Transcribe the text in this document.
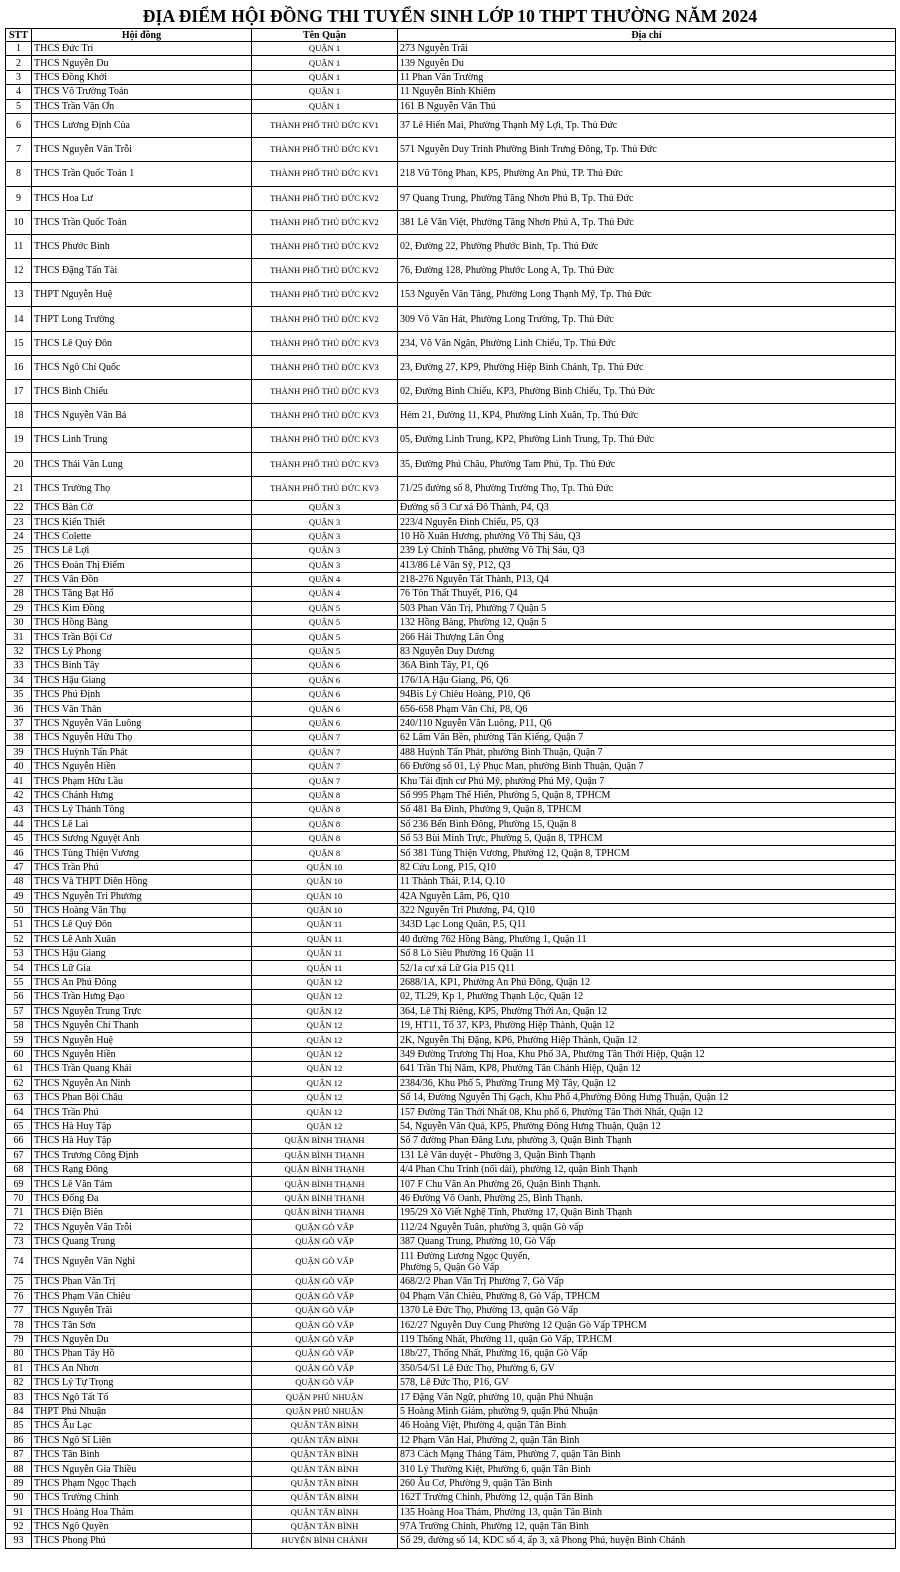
ĐỊA ĐIỂM HỘI ĐỒNG THI TUYỂN SINH LỚP 10 THPT THƯỜNG NĂM 2024
STT	Hội đồng	Tên Quận	Địa chỉ
1	THCS Đức Trí	QUẬN 1	273 Nguyễn Trãi
2	THCS Nguyễn Du	QUẬN 1	139 Nguyễn Du
3	THCS Đồng Khởi	QUẬN 1	11 Phan Văn Trường
4	THCS Võ Trường Toản	QUẬN 1	11 Nguyễn Bỉnh Khiêm
5	THCS Trần Văn Ơn	QUẬN 1	161 B Nguyễn Văn Thủ
6	THCS Lương Định Của	THÀNH PHỐ THỦ ĐỨC KV1	37 Lê Hiến Mai, Phường Thạnh Mỹ Lợi, Tp. Thủ Đức
7	THCS Nguyễn Văn Trỗi	THÀNH PHỐ THỦ ĐỨC KV1	571 Nguyễn Duy Trinh Phường Bình Trưng Đông, Tp. Thủ Đức
8	THCS Trần Quốc Toản 1	THÀNH PHỐ THỦ ĐỨC KV1	218 Vũ Tông Phan, KP5, Phường An Phú, TP. Thủ Đức
9	THCS Hoa Lư	THÀNH PHỐ THỦ ĐỨC KV2	97 Quang Trung, Phường Tăng Nhơn Phú B, Tp. Thủ Đức
10	THCS Trần Quốc Toản	THÀNH PHỐ THỦ ĐỨC KV2	381 Lê Văn Việt, Phường Tăng Nhơn Phú A, Tp. Thủ Đức
11	THCS Phước Bình	THÀNH PHỐ THỦ ĐỨC KV2	02, Đường 22, Phường Phước Bình, Tp. Thủ Đức
12	THCS Đặng Tấn Tài	THÀNH PHỐ THỦ ĐỨC KV2	76, Đường 128, Phường Phước Long A, Tp. Thủ Đức
13	THPT Nguyễn Huệ	THÀNH PHỐ THỦ ĐỨC KV2	153 Nguyễn Văn Tăng, Phường Long Thạnh Mỹ, Tp. Thủ Đức
14	THPT Long Trường	THÀNH PHỐ THỦ ĐỨC KV2	309 Võ Văn Hát, Phường Long Trường, Tp. Thủ Đức
15	THCS Lê Quý Đôn	THÀNH PHỐ THỦ ĐỨC KV3	234, Võ Văn Ngân, Phường Linh Chiểu, Tp. Thủ Đức
16	THCS Ngô Chí Quốc	THÀNH PHỐ THỦ ĐỨC KV3	23, Đường 27, KP9, Phường Hiệp Bình Chánh, Tp. Thủ Đức
17	THCS Bình Chiểu	THÀNH PHỐ THỦ ĐỨC KV3	02, Đường Bình Chiểu, KP3, Phường Bình Chiểu, Tp. Thủ Đức
18	THCS Nguyễn Văn Bá	THÀNH PHỐ THỦ ĐỨC KV3	Hẻm 21, Đường 11, KP4, Phường Linh Xuân, Tp. Thủ Đức
19	THCS Linh Trung	THÀNH PHỐ THỦ ĐỨC KV3	05, Đường Linh Trung, KP2, Phường Linh Trung, Tp. Thủ Đức
20	THCS Thái Văn Lung	THÀNH PHỐ THỦ ĐỨC KV3	35, Đường Phú Châu, Phường Tam Phú, Tp. Thủ Đức
21	THCS Trường Thọ	THÀNH PHỐ THỦ ĐỨC KV3	71/25 đường số 8, Phường Trường Thọ, Tp. Thủ Đức
22	THCS Bàn Cờ	QUẬN 3	Đường số 3 Cư xá Đô Thành, P4, Q3
23	THCS Kiến Thiết	QUẬN 3	223/4 Nguyễn Đình Chiểu, P5, Q3
24	THCS Colette	QUẬN 3	10 Hồ Xuân Hương, phường Võ Thị Sáu, Q3
25	THCS Lê Lợi	QUẬN 3	239 Lý Chính Thắng, phường Võ Thị Sáu, Q3
26	THCS Đoàn Thị Điểm	QUẬN 3	413/86 Lê Văn Sỹ, P12, Q3
27	THCS Vân Đồn	QUẬN 4	218-276 Nguyễn Tất Thành, P13, Q4
28	THCS Tăng Bạt Hổ	QUẬN 4	76 Tôn Thất Thuyết, P16, Q4
29	THCS Kim Đồng	QUẬN 5	503 Phan Văn Trị, Phường 7 Quận 5
30	THCS Hồng Bàng	QUẬN 5	132 Hồng Bàng, Phường 12, Quận 5
31	THCS Trần Bội Cơ	QUẬN 5	266 Hải Thượng Lãn Ông
32	THCS Lý Phong	QUẬN 5	83 Nguyễn Duy Dương
33	THCS Bình Tây	QUẬN 6	36A Bình Tây, P1, Q6
34	THCS Hậu Giang	QUẬN 6	176/1A Hậu Giang, P6, Q6
35	THCS Phú Định	QUẬN 6	94Bis Lý Chiêu Hoàng, P10, Q6
36	THCS Văn Thân	QUẬN 6	656-658 Phạm Văn Chí, P8, Q6
37	THCS Nguyễn Văn Luông	QUẬN 6	240/110 Nguyễn Văn Luông, P11, Q6
38	THCS Nguyễn Hữu Thọ	QUẬN 7	62 Lâm Văn Bền, phường Tân Kiểng, Quận 7
39	THCS Huỳnh Tấn Phát	QUẬN 7	488 Huỳnh Tấn Phát, phường Bình Thuận, Quận 7
40	THCS Nguyễn Hiền	QUẬN 7	66 Đường số 01, Lý Phục Man, phường Bình Thuận, Quận 7
41	THCS Phạm Hữu Lầu	QUẬN 7	Khu Tái định cư Phú Mỹ, phường Phú Mỹ, Quận 7
42	THCS Chánh Hưng	QUẬN 8	Số 995 Phạm Thế Hiển, Phường 5, Quận 8, TPHCM
43	THCS Lý Thánh Tông	QUẬN 8	Số 481 Ba Đình, Phường 9, Quận 8, TPHCM
44	THCS Lê Lai	QUẬN 8	Số 236 Bến Bình Đông, Phường 15, Quận 8
45	THCS Sương Nguyệt Anh	QUẬN 8	Số 53 Bùi Minh Trực, Phường 5, Quận 8, TPHCM
46	THCS Tùng Thiện Vương	QUẬN 8	Số 381 Tùng Thiện Vương, Phường 12, Quận 8, TPHCM
47	THCS Trần Phú	QUẬN 10	82 Cửu Long, P15, Q10
48	THCS Và THPT Diên Hồng	QUẬN 10	11 Thành Thái, P.14, Q.10
49	THCS Nguyễn Tri Phương	QUẬN 10	42A Nguyễn Lâm, P6, Q10
50	THCS Hoàng Văn Thụ	QUẬN 10	322 Nguyễn Tri Phương, P4, Q10
51	THCS Lê Quý Đôn	QUẬN 11	343D Lạc Long Quân, P.5, Q11
52	THCS Lê Anh Xuân	QUẬN 11	40 đường 762 Hồng Bàng, Phường 1, Quận 11
53	THCS Hậu Giang	QUẬN 11	Số 8 Lò Siêu Phường 16 Quận 11
54	THCS Lữ Gia	QUẬN 11	52/1a cư xá Lữ Gia P15 Q11
55	THCS An Phú Đông	QUẬN 12	2688/1A, KP1, Phường An Phú Đông, Quận 12
56	THCS Trần Hưng Đạo	QUẬN 12	02, TL29, Kp 1, Phường Thạnh Lộc, Quận 12
57	THCS Nguyễn Trung Trực	QUẬN 12	364, Lê Thị Riêng, KP5, Phường Thới An, Quận 12
58	THCS Nguyễn Chí Thanh	QUẬN 12	19, HT11, Tổ 37, KP3, Phường Hiệp Thành, Quận 12
59	THCS Nguyễn Huệ	QUẬN 12	2K, Nguyễn Thị Đặng, KP6, Phường Hiệp Thành, Quận 12
60	THCS Nguyễn Hiền	QUẬN 12	349 Đường Trương Thị Hoa, Khu Phố 3A, Phường Tân Thới Hiệp, Quận 12
61	THCS Trần Quang Khải	QUẬN 12	641 Trần Thị Năm, KP8, Phường Tân Chánh Hiệp, Quận 12
62	THCS Nguyễn An Ninh	QUẬN 12	2384/36, Khu Phố 5, Phường Trung Mỹ Tây, Quận 12
63	THCS Phan Bội Châu	QUẬN 12	Số 14, Đường Nguyễn Thị Gạch, Khu Phố 4,Phường Đông Hưng Thuận, Quận 12
64	THCS Trần Phú	QUẬN 12	157 Đường Tân Thới Nhất 08, Khu phố 6, Phường Tân Thới Nhất, Quận 12
65	THCS Hà Huy Tập	QUẬN 12	54, Nguyễn Văn Quá, KP5, Phường Đông Hưng Thuận, Quận 12
66	THCS Hà Huy Tập	QUẬN BÌNH THẠNH	Số 7 đường Phan Đăng Lưu, phường 3, Quận Bình Thạnh
67	THCS Trương Công Định	QUẬN BÌNH THẠNH	131 Lê Văn duyệt - Phường 3, Quận Bình Thạnh
68	THCS Rạng Đông	QUẬN BÌNH THẠNH	4/4 Phan Chu Trinh (nối dài), phường 12, quận Bình Thạnh
69	THCS Lê Văn Tám	QUẬN BÌNH THẠNH	107 F Chu Văn An Phường 26, Quận Bình Thạnh.
70	THCS Đống Đa	QUẬN BÌNH THẠNH	46 Đường Võ Oanh, Phường 25, Bình Thạnh.
71	THCS Điện Biên	QUẬN BÌNH THẠNH	195/29 Xô Viết Nghệ Tĩnh, Phường 17, Quận Bình Thạnh
72	THCS Nguyễn Văn Trỗi	QUẬN GÒ VẤP	112/24 Nguyễn Tuân, phường 3, quận Gò vấp
73	THCS Quang Trung	QUẬN GÒ VẤP	387 Quang Trung, Phường 10, Gò Vấp
74	THCS Nguyễn Văn Nghi	QUẬN GÒ VẤP	111 Đường Lương Ngọc Quyến,
Phường 5, Quận Gò Vấp
75	THCS Phan Văn Trị	QUẬN GÒ VẤP	468/2/2 Phan Văn Trị Phường 7, Gò Vấp
76	THCS Phạm Văn Chiêu	QUẬN GÒ VẤP	04 Phạm Văn Chiêu, Phường 8, Gò Vấp, TPHCM
77	THCS Nguyễn Trãi	QUẬN GÒ VẤP	1370 Lê Đức Thọ, Phường 13, quận Gò Vấp
78	THCS Tân Sơn	QUẬN GÒ VẤP	162/27 Nguyễn Duy Cung Phường 12 Quận Gò Vấp TPHCM
79	THCS Nguyễn Du	QUẬN GÒ VẤP	119 Thống Nhất, Phường 11, quận Gò Vấp, TP.HCM
80	THCS Phan Tây Hồ	QUẬN GÒ VẤP	18b/27, Thống Nhất, Phường 16, quận Gò Vấp
81	THCS An Nhơn	QUẬN GÒ VẤP	350/54/51 Lê Đức Thọ, Phường 6, GV
82	THCS Lý Tự Trọng	QUẬN GÒ VẤP	578, Lê Đức Thọ, P16, GV
83	THCS Ngô Tất Tố	QUẬN PHÚ NHUẬN	17 Đặng Văn Ngữ, phường 10, quận Phú Nhuận
84	THPT Phú Nhuận	QUẬN PHÚ NHUẬN	5 Hoàng Minh Giám, phường 9, quận Phú Nhuận
85	THCS Âu Lạc	QUẬN TÂN BÌNH	46 Hoàng Việt, Phường 4, quận Tân Bình
86	THCS Ngô Sĩ Liên	QUẬN TÂN BÌNH	12 Phạm Văn Hai, Phường 2, quận Tân Bình
87	THCS Tân Bình	QUẬN TÂN BÌNH	873 Cách Mạng Tháng Tám, Phường 7, quận Tân Bình
88	THCS Nguyễn Gia Thiều	QUẬN TÂN BÌNH	310 Lý Thường Kiệt, Phường 6, quận Tân Bình
89	THCS Phạm Ngọc Thạch	QUẬN TÂN BÌNH	260 Âu Cơ, Phường 9, quận Tân Bình
90	THCS Trường Chinh	QUẬN TÂN BÌNH	162T Trường Chinh, Phường 12, quận Tân Bình
91	THCS Hoàng Hoa Thám	QUẬN TÂN BÌNH	135 Hoàng Hoa Thám, Phường 13, quận Tân Bình
92	THCS Ngô Quyền	QUẬN TÂN BÌNH	97A Trường Chinh, Phường 12, quận Tân Bình
93	THCS Phong Phú	HUYỆN BÌNH CHÁNH	Số 29, đường số 14, KDC số 4, ấp 3, xã Phong Phú, huyện Bình Chánh
